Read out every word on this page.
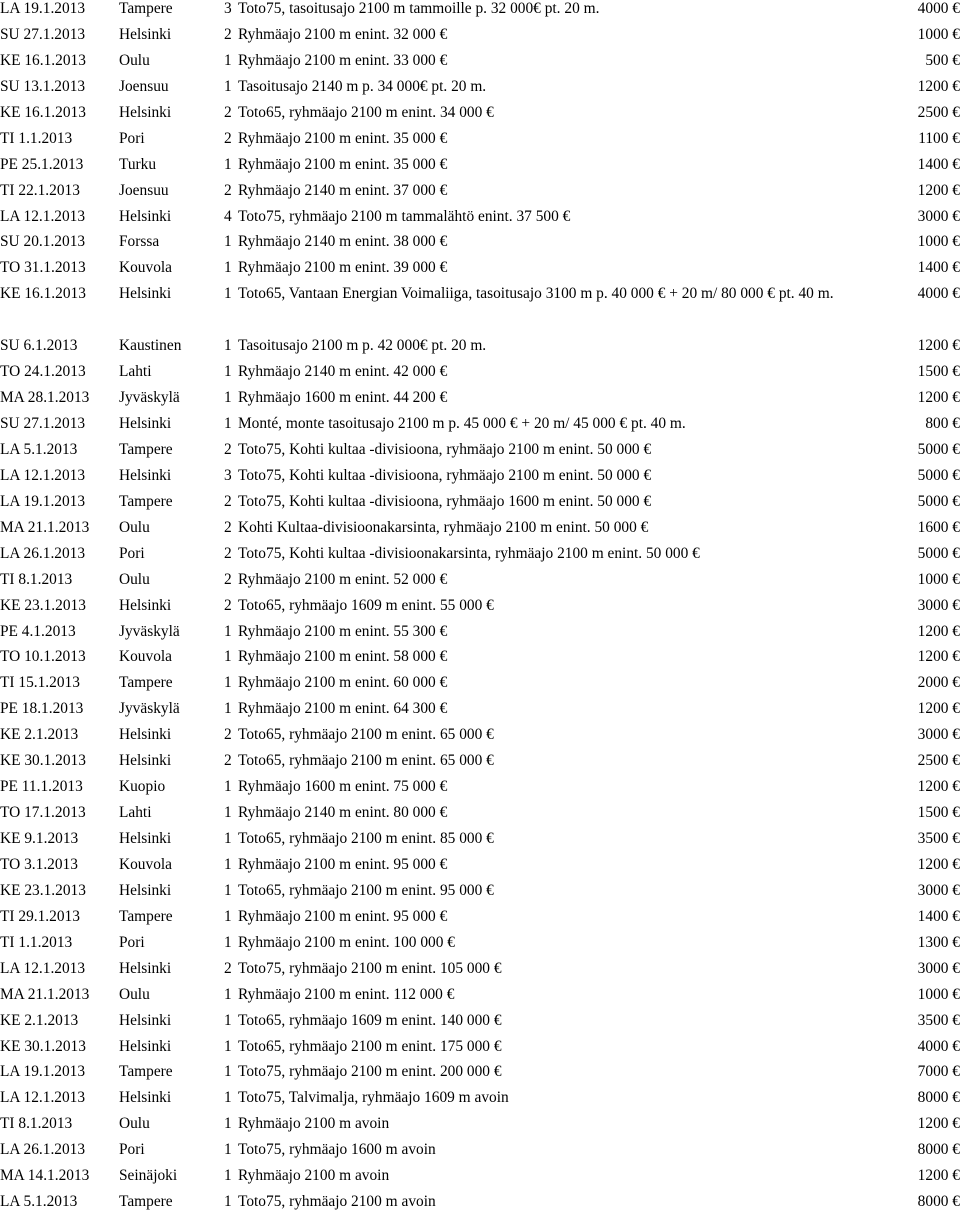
LA 19.1.2013 Tampere	3 Toto75, tasoitusajo 2100 m tammoille p. 32 000€ pt. 20 m.	4000 €
SU 27.1.2013 Helsinki	2 Ryhmäajo 2100 m enint. 32 000 €	1000 €
KE 16.1.2013 Oulu	1 Ryhmäajo 2100 m enint. 33 000 €	500 €
SU 13.1.2013 Joensuu	1 Tasoitusajo 2140 m p. 34 000€ pt. 20 m.	1200 €
KE 16.1.2013 Helsinki	2 Toto65, ryhmäajo 2100 m enint. 34 000 €	2500 €
TI 1.1.2013	Pori	2 Ryhmäajo 2100 m enint. 35 000 €	1100 €
PE 25.1.2013 Turku	1 Ryhmäajo 2100 m enint. 35 000 €	1400 €
TI 22.1.2013	Joensuu	2 Ryhmäajo 2140 m enint. 37 000 €	1200 €
LA 12.1.2013 Helsinki	4 Toto75, ryhmäajo 2100 m tammalähtö enint. 37 500 €	3000 €
SU 20.1.2013 Forssa	1 Ryhmäajo 2140 m enint. 38 000 €	1000 €
TO 31.1.2013 Kouvola	1 Ryhmäajo 2100 m enint. 39 000 €	1400 €
KE 16.1.2013 Helsinki	1 Toto65, Vantaan Energian Voimaliiga, tasoitusajo 3100 m p. 40 000 € + 20 m/ 80 000 € pt. 40 m.	4000 €
SU 6.1.2013	Kaustinen	1 Tasoitusajo 2100 m p. 42 000€ pt. 20 m.	1200 €
TO 24.1.2013 Lahti	1 Ryhmäajo 2140 m enint. 42 000 €	1500 €
MA 28.1.2013 Jyväskylä	1 Ryhmäajo 1600 m enint. 44 200 €	1200 €
SU 27.1.2013 Helsinki	1 Monté, monte tasoitusajo 2100 m p. 45 000 € + 20 m/ 45 000 € pt. 40 m.	800 €
LA 5.1.2013	Tampere	2 Toto75, Kohti kultaa -divisioona, ryhmäajo 2100 m enint. 50 000 €	5000 €
LA 12.1.2013 Helsinki	3 Toto75, Kohti kultaa -divisioona, ryhmäajo 2100 m enint. 50 000 €	5000 €
LA 19.1.2013 Tampere	2 Toto75, Kohti kultaa -divisioona, ryhmäajo 1600 m enint. 50 000 €	5000 €
MA 21.1.2013 Oulu	2 Kohti Kultaa-divisioonakarsinta, ryhmäajo 2100 m enint. 50 000 €	1600 €
LA 26.1.2013 Pori	2 Toto75, Kohti kultaa -divisioonakarsinta, ryhmäajo 2100 m enint. 50 000 €	5000 €
TI 8.1.2013	Oulu	2 Ryhmäajo 2100 m enint. 52 000 €	1000 €
KE 23.1.2013 Helsinki	2 Toto65, ryhmäajo 1609 m enint. 55 000 €	3000 €
PE 4.1.2013	Jyväskylä	1 Ryhmäajo 2100 m enint. 55 300 €	1200 €
TO 10.1.2013 Kouvola	1 Ryhmäajo 2100 m enint. 58 000 €	1200 €
TI 15.1.2013	Tampere	1 Ryhmäajo 2100 m enint. 60 000 €	2000 €
PE 18.1.2013 Jyväskylä	1 Ryhmäajo 2100 m enint. 64 300 €	1200 €
KE 2.1.2013	Helsinki	2 Toto65, ryhmäajo 2100 m enint. 65 000 €	3000 €
KE 30.1.2013 Helsinki	2 Toto65, ryhmäajo 2100 m enint. 65 000 €	2500 €
PE 11.1.2013 Kuopio	1 Ryhmäajo 1600 m enint. 75 000 €	1200 €
TO 17.1.2013 Lahti	1 Ryhmäajo 2140 m enint. 80 000 €	1500 €
KE 9.1.2013	Helsinki	1 Toto65, ryhmäajo 2100 m enint. 85 000 €	3500 €
TO 3.1.2013	Kouvola	1 Ryhmäajo 2100 m enint. 95 000 €	1200 €
KE 23.1.2013 Helsinki	1 Toto65, ryhmäajo 2100 m enint. 95 000 €	3000 €
TI 29.1.2013	Tampere	1 Ryhmäajo 2100 m enint. 95 000 €	1400 €
TI 1.1.2013	Pori	1 Ryhmäajo 2100 m enint. 100 000 €	1300 €
LA 12.1.2013 Helsinki	2 Toto75, ryhmäajo 2100 m enint. 105 000 €	3000 €
MA 21.1.2013 Oulu	1 Ryhmäajo 2100 m enint. 112 000 €	1000 €
KE 2.1.2013	Helsinki	1 Toto65, ryhmäajo 1609 m enint. 140 000 €	3500 €
KE 30.1.2013 Helsinki	1 Toto65, ryhmäajo 2100 m enint. 175 000 €	4000 €
LA 19.1.2013 Tampere	1 Toto75, ryhmäajo 2100 m enint. 200 000 €	7000 €
LA 12.1.2013 Helsinki	1 Toto75, Talvimalja, ryhmäajo 1609 m avoin	8000 €
TI 8.1.2013	Oulu	1 Ryhmäajo 2100 m avoin	1200 €
LA 26.1.2013 Pori	1 Toto75, ryhmäajo 1600 m avoin	8000 €
MA 14.1.2013 Seinäjoki	1 Ryhmäajo 2100 m avoin	1200 €
LA 5.1.2013	Tampere	1 Toto75, ryhmäajo 2100 m avoin	8000 €
